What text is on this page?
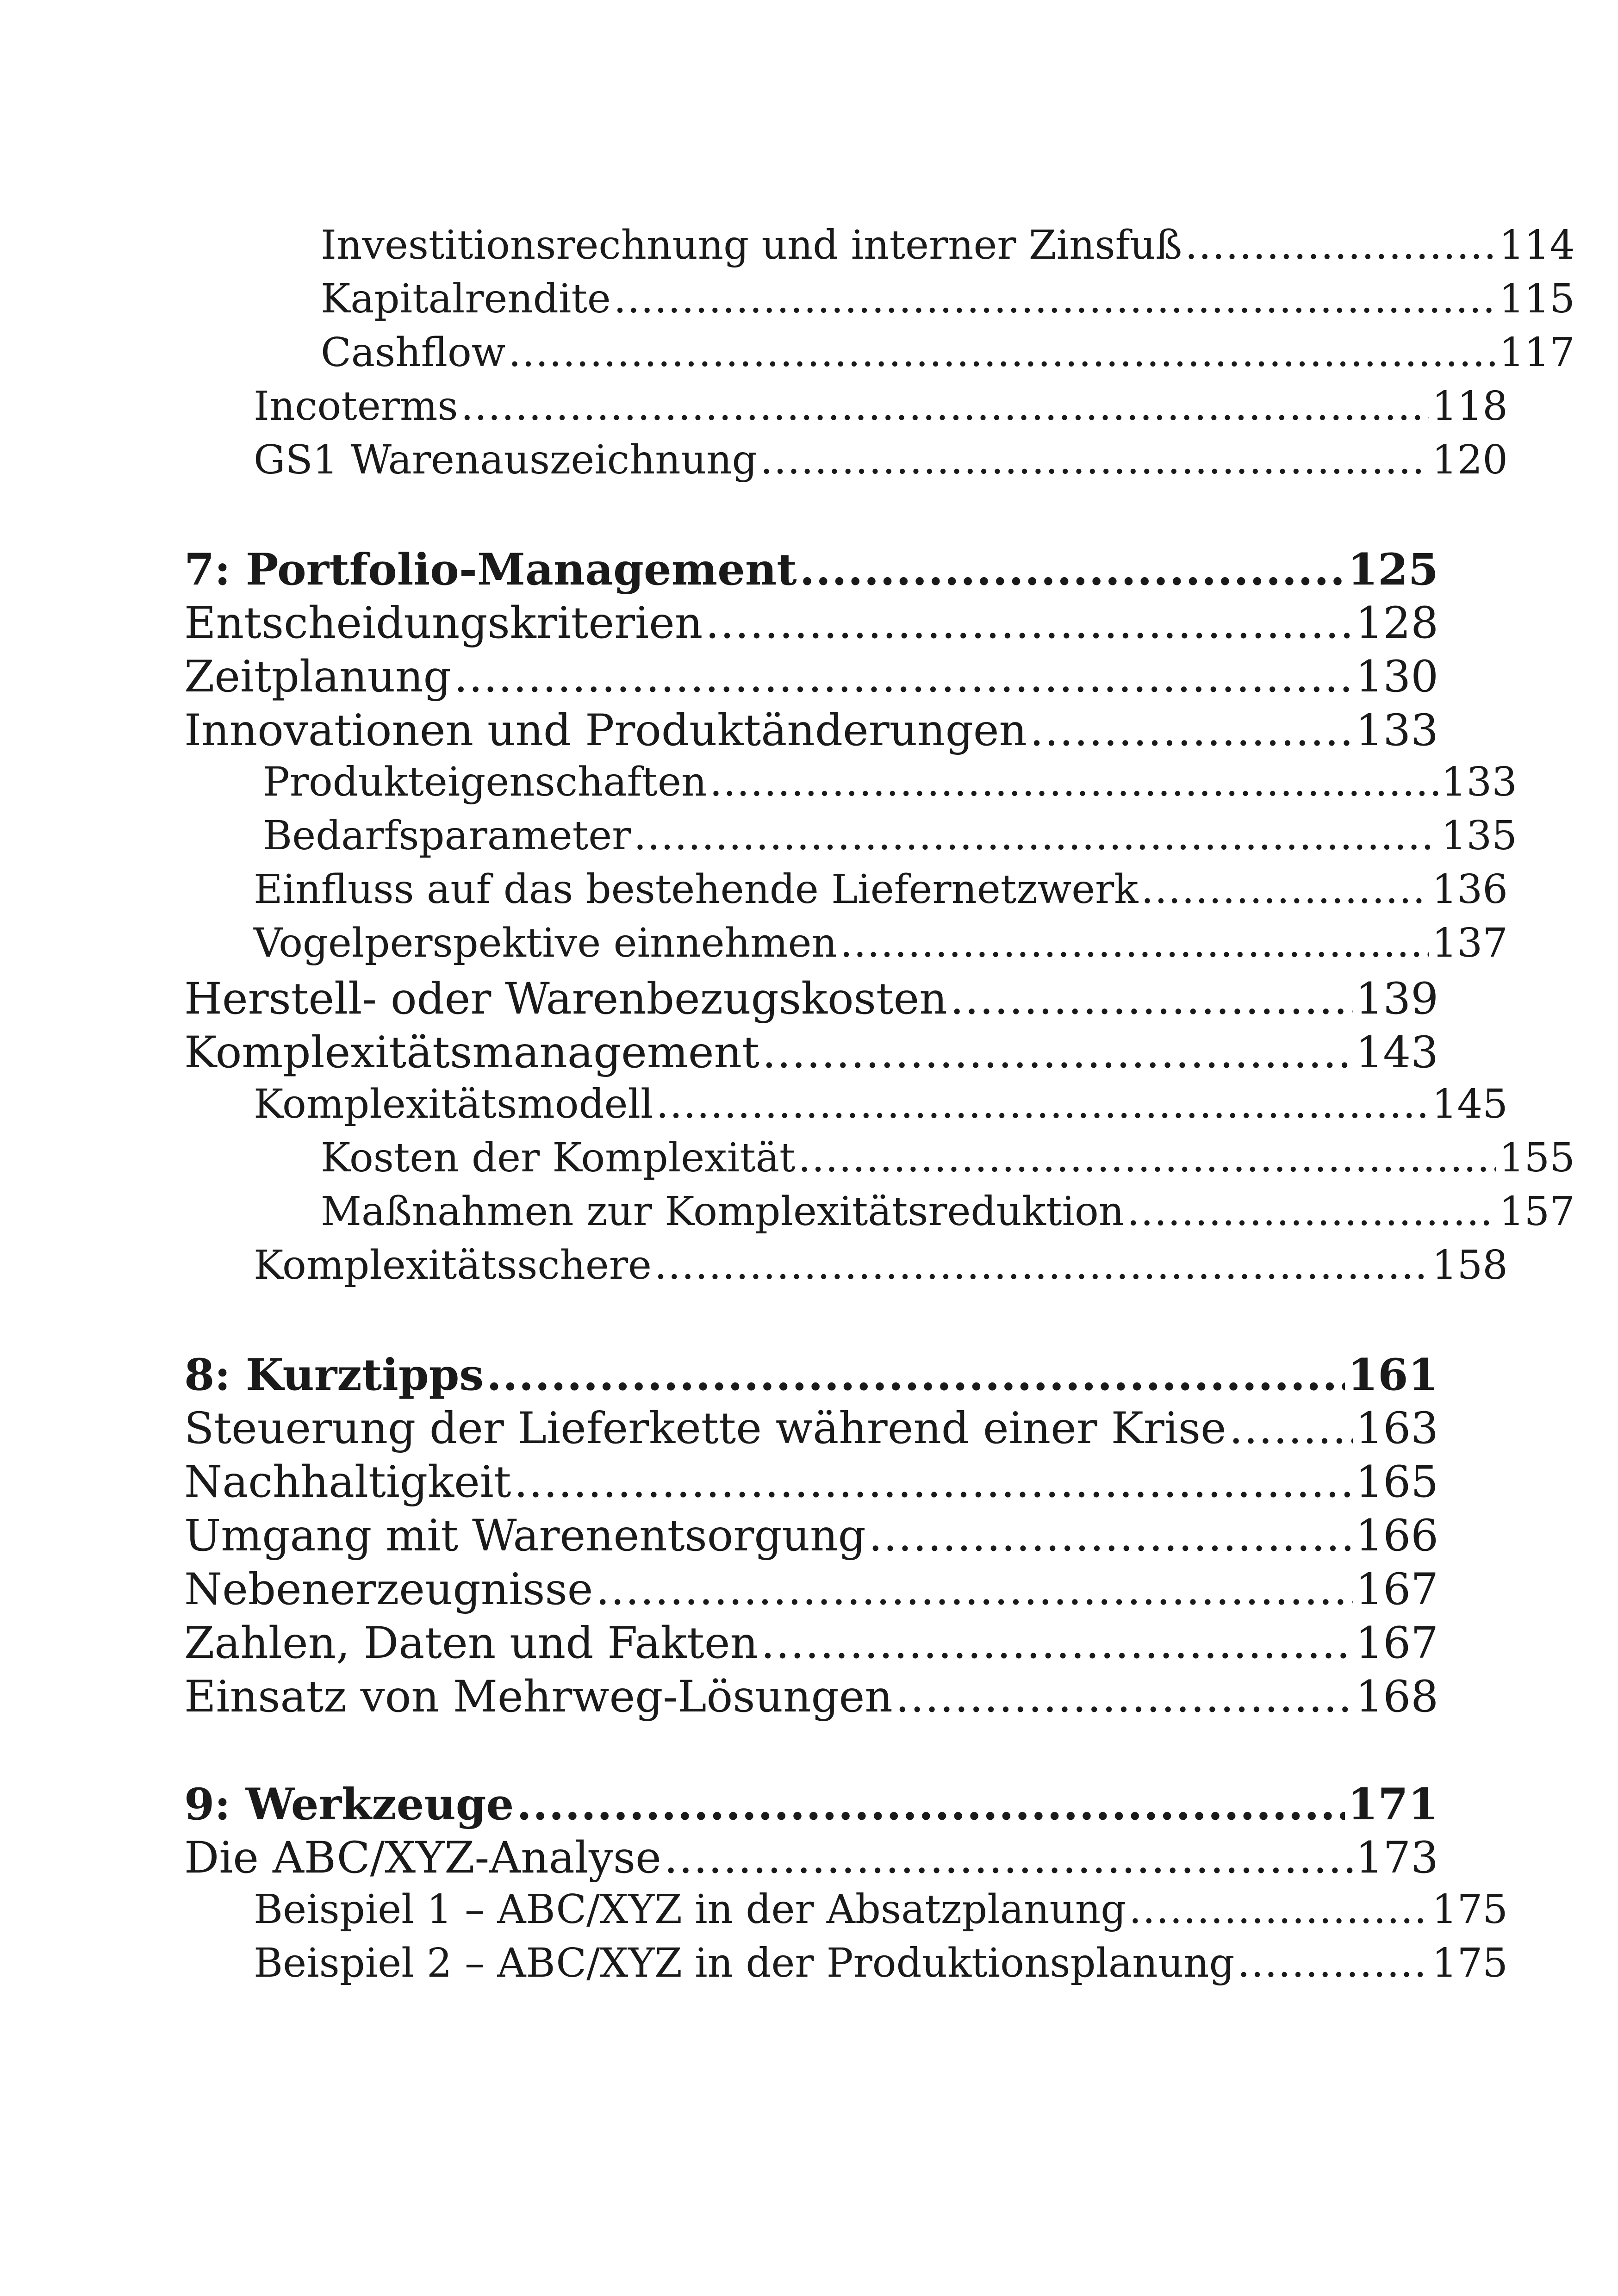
Investitionsrechnung und interner Zinsfuß .....	114
Kapitalrendite .....	115
Cashflow .....	117
Incoterms .....	118
GS1 Warenauszeichnung .....	120
7: Portfolio-Management .....	125
Entscheidungskriterien .....	128
Zeitplanung .....	130
Innovationen und Produktänderungen .....	133
Produkteigenschaften .....	133
Bedarfsparameter .....	135
Einfluss auf das bestehende Liefernetzwerk .....	136
Vogelperspektive einnehmen .....	137
Herstell- oder Warenbezugskosten .....	139
Komplexitätsmanagement .....	143
Komplexitätsmodell .....	145
Kosten der Komplexität .....	155
Maßnahmen zur Komplexitätsreduktion .....	157
Komplexitätsschere .....	158
8: Kurztipps .....	161
Steuerung der Lieferkette während einer Krise .....	163
Nachhaltigkeit .....	165
Umgang mit Warenentsorgung .....	166
Nebenerzeugnisse .....	167
Zahlen, Daten und Fakten .....	167
Einsatz von Mehrweg-Lösungen .....	168
9: Werkzeuge .....	171
Die ABC/XYZ-Analyse .....	173
Beispiel 1 – ABC/XYZ in der Absatzplanung .....	175
Beispiel 2 – ABC/XYZ in der Produktionsplanung .....	175
